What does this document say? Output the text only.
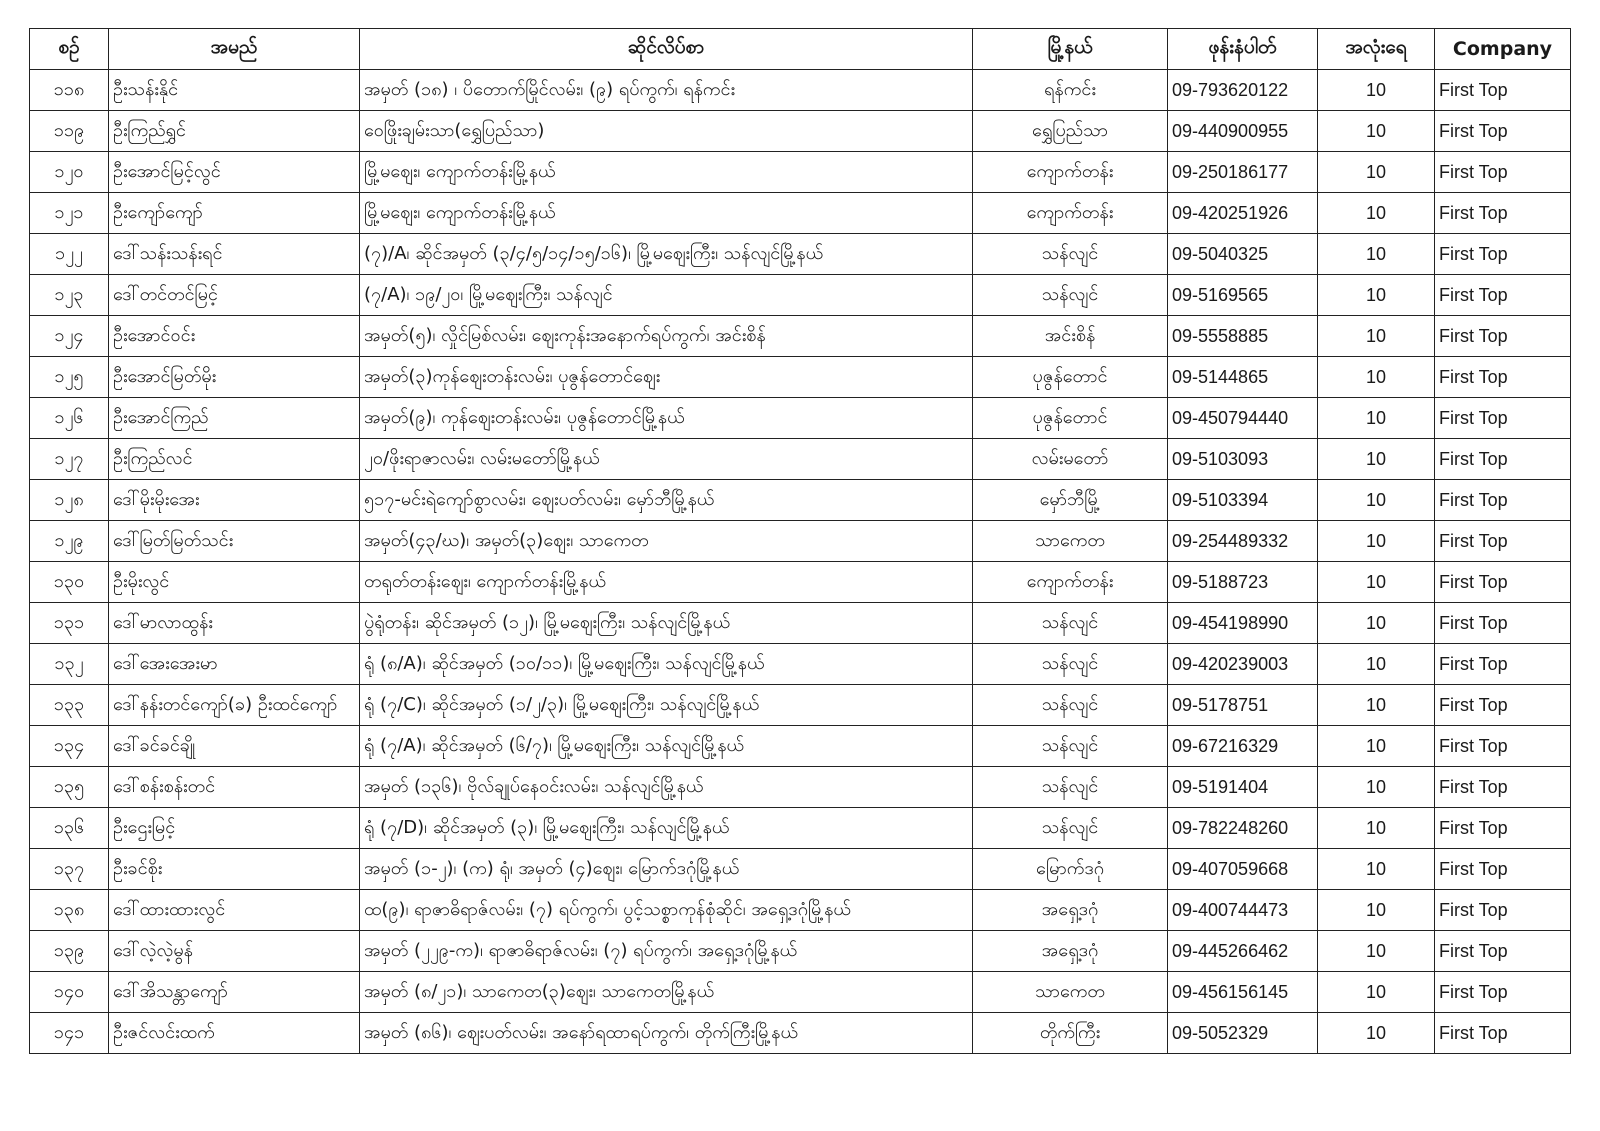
စဉ်	အမည်	ဆိုင်လိပ်စာ	မြို့နယ်	ဖုန်းနံပါတ်	အလုံးရေ	Company
၁၁၈	ဦးသန်းနိုင်	အမှတ် (၁၈) ၊ ပိတောက်မြိုင်လမ်း၊ (၉) ရပ်ကွက်၊ ရန်ကင်း	ရန်ကင်း	09-793620122	10	First Top
၁၁၉	ဦးကြည်ရွှင်	ဝေဖြိုးချမ်းသာ(ရွှေပြည်သာ)	ရွှေပြည်သာ	09-440900955	10	First Top
၁၂၀	ဦးအောင်မြင့်လွင်	မြို့မဈေး၊ ကျောက်တန်းမြို့နယ်	ကျောက်တန်း	09-250186177	10	First Top
၁၂၁	ဦးကျော်ကျော်	မြို့မဈေး၊ ကျောက်တန်းမြို့နယ်	ကျောက်တန်း	09-420251926	10	First Top
၁၂၂	ဒေါ်သန်းသန်းရင်	(၇)/A၊ ဆိုင်အမှတ် (၃/၄/၅/၁၄/၁၅/၁၆)၊ မြို့မဈေးကြီး၊ သန်လျင်မြို့နယ်	သန်လျင်	09-5040325	10	First Top
၁၂၃	ဒေါ်တင်တင်မြင့်	(၇/A)၊ ၁၉/၂၀၊ မြို့မဈေးကြီး၊ သန်လျင်	သန်လျင်	09-5169565	10	First Top
၁၂၄	ဦးအောင်ဝင်း	အမှတ်(၅)၊ လှိုင်မြစ်လမ်း၊ ဈေးကုန်းအနောက်ရပ်ကွက်၊ အင်းစိန်	အင်းစိန်	09-5558885	10	First Top
၁၂၅	ဦးအောင်မြတ်မိုး	အမှတ်(၃)ကုန်ဈေးတန်းလမ်း၊ ပုဇွန်တောင်ဈေး	ပုဇွန်တောင်	09-5144865	10	First Top
၁၂၆	ဦးအောင်ကြည်	အမှတ်(၉)၊ ကုန်ဈေးတန်းလမ်း၊ ပုဇွန်တောင်မြို့နယ်	ပုဇွန်တောင်	09-450794440	10	First Top
၁၂၇	ဦးကြည်လင်	၂၀/ဖိုးရာဇာလမ်း၊ လမ်းမတော်မြို့နယ်	လမ်းမတော်	09-5103093	10	First Top
၁၂၈	ဒေါ်မိုးမိုးအေး	၅၁၇-မင်းရဲကျော်စွာလမ်း၊ ဈေးပတ်လမ်း၊ မှော်ဘီမြို့နယ်	မှော်ဘီမြို့	09-5103394	10	First Top
၁၂၉	ဒေါ်မြတ်မြတ်သင်း	အမှတ်(၄၃/ဃ)၊ အမှတ်(၃)ဈေး၊ သာကေတ	သာကေတ	09-254489332	10	First Top
၁၃၀	ဦးမိုးလွင်	တရုတ်တန်းဈေး၊ ကျောက်တန်းမြို့နယ်	ကျောက်တန်း	09-5188723	10	First Top
၁၃၁	ဒေါ်မာလာထွန်း	ပွဲရုံတန်း၊ ဆိုင်အမှတ် (၁၂)၊ မြို့မဈေးကြီး၊ သန်လျင်မြို့နယ်	သန်လျင်	09-454198990	10	First Top
၁၃၂	ဒေါ်အေးအေးမာ	ရုံ (၈/A)၊ ဆိုင်အမှတ် (၁၀/၁၁)၊ မြို့မဈေးကြီး၊ သန်လျင်မြို့နယ်	သန်လျင်	09-420239003	10	First Top
၁၃၃	ဒေါ်နန်းတင်ကျော်(ခ) ဦးထင်ကျော်	ရုံ (၇/C)၊ ဆိုင်အမှတ် (၁/၂/၃)၊ မြို့မဈေးကြီး၊ သန်လျင်မြို့နယ်	သန်လျင်	09-5178751	10	First Top
၁၃၄	ဒေါ်ခင်ခင်ချို	ရုံ (၇/A)၊ ဆိုင်အမှတ် (၆/၇)၊ မြို့မဈေးကြီး၊ သန်လျင်မြို့နယ်	သန်လျင်	09-67216329	10	First Top
၁၃၅	ဒေါ်စန်းစန်းတင်	အမှတ် (၁၃၆)၊ ဗိုလ်ချုပ်နေဝင်းလမ်း၊ သန်လျင်မြို့နယ်	သန်လျင်	09-5191404	10	First Top
၁၃၆	ဦးဌေးမြင့်	ရုံ (၇/D)၊ ဆိုင်အမှတ် (၃)၊ မြို့မဈေးကြီး၊ သန်လျင်မြို့နယ်	သန်လျင်	09-782248260	10	First Top
၁၃၇	ဦးခင်စိုး	အမှတ် (၁-၂)၊ (က) ရုံ၊ အမှတ် (၄)ဈေး၊ မြောက်ဒဂုံမြို့နယ်	မြောက်ဒဂုံ	09-407059668	10	First Top
၁၃၈	ဒေါ်ထားထားလွင်	ထ(၉)၊ ရာဇာဓိရာဇ်လမ်း၊ (၇) ရပ်ကွက်၊ ပွင့်သစ္စာကုန်စုံဆိုင်၊ အရှေ့ဒဂုံမြို့နယ်	အရှေ့ဒဂုံ	09-400744473	10	First Top
၁၃၉	ဒေါ်လဲ့လဲ့မွန်	အမှတ် (၂၂၉-က)၊ ရာဇာဓိရာဇ်လမ်း၊ (၇) ရပ်ကွက်၊ အရှေ့ဒဂုံမြို့နယ်	အရှေ့ဒဂုံ	09-445266462	10	First Top
၁၄၀	ဒေါ်အိသန္တာကျော်	အမှတ် (၈/၂၁)၊ သာကေတ(၃)ဈေး၊ သာကေတမြို့နယ်	သာကေတ	09-456156145	10	First Top
၁၄၁	ဦးဇင်လင်းထက်	အမှတ် (၈၆)၊ ဈေးပတ်လမ်း၊ အနော်ရထာရပ်ကွက်၊ တိုက်ကြီးမြို့နယ်	တိုက်ကြီး	09-5052329	10	First Top
